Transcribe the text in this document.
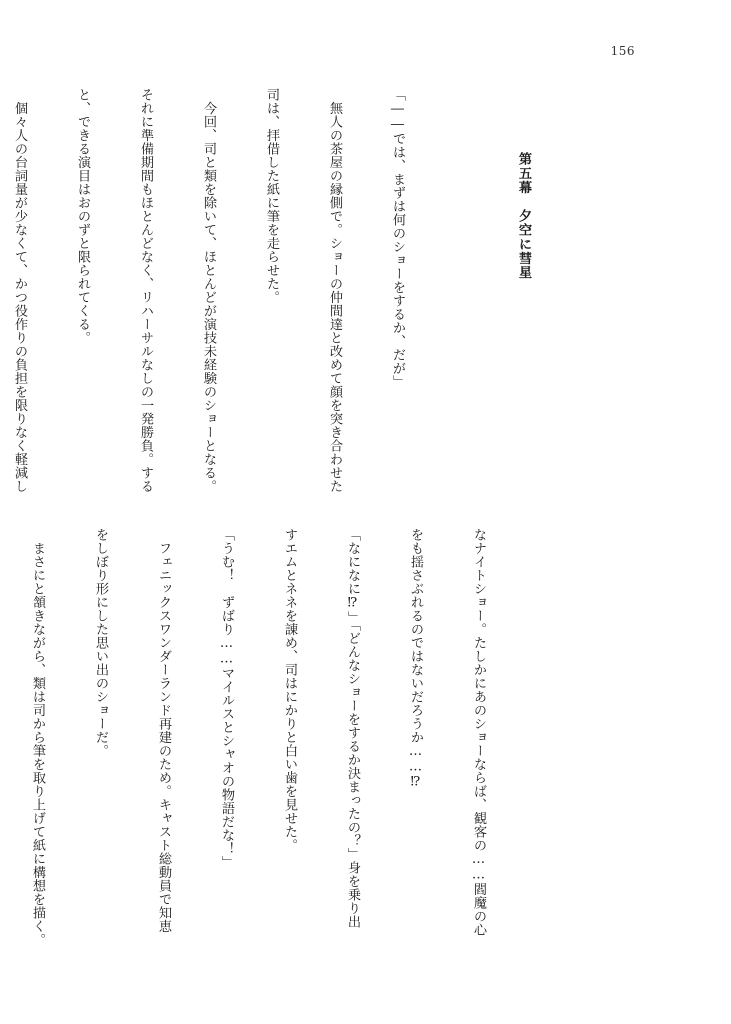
156

第五幕　夕空に彗星

「――では、まずは何のショーをするか、だが」

　無人の茶屋の縁側で。ショーの仲間達と改めて顔を突き合わせた

司は、拝借した紙に筆を走らせた。

　今回、司と類を除いて、ほとんどが演技未経験のショーとなる。

それに準備期間もほとんどなく、リハーサルなしの一発勝負。する

と、できる演目はおのずと限られてくる。

　個々人の台詞量が少なくて、かつ役作りの負担を限りなく軽減し

なナイトショー。たしかにあのショーならば、観客の……閻魔の心

をも揺さぶれるのではないだろうか……⁉

「なになに⁉」「どんなショーをするか決まったの？」身を乗り出

すエムとネネを諌め、司はにかりと白い歯を見せた。

「うむ！　ずばり……マイルスとシャオの物語だな！」

　フェニックスワンダーランド再建のため。キャスト総動員で知恵

をしぼり形にした思い出のショーだ。

　まさにと頷きながら、類は司から筆を取り上げて紙に構想を描く。
